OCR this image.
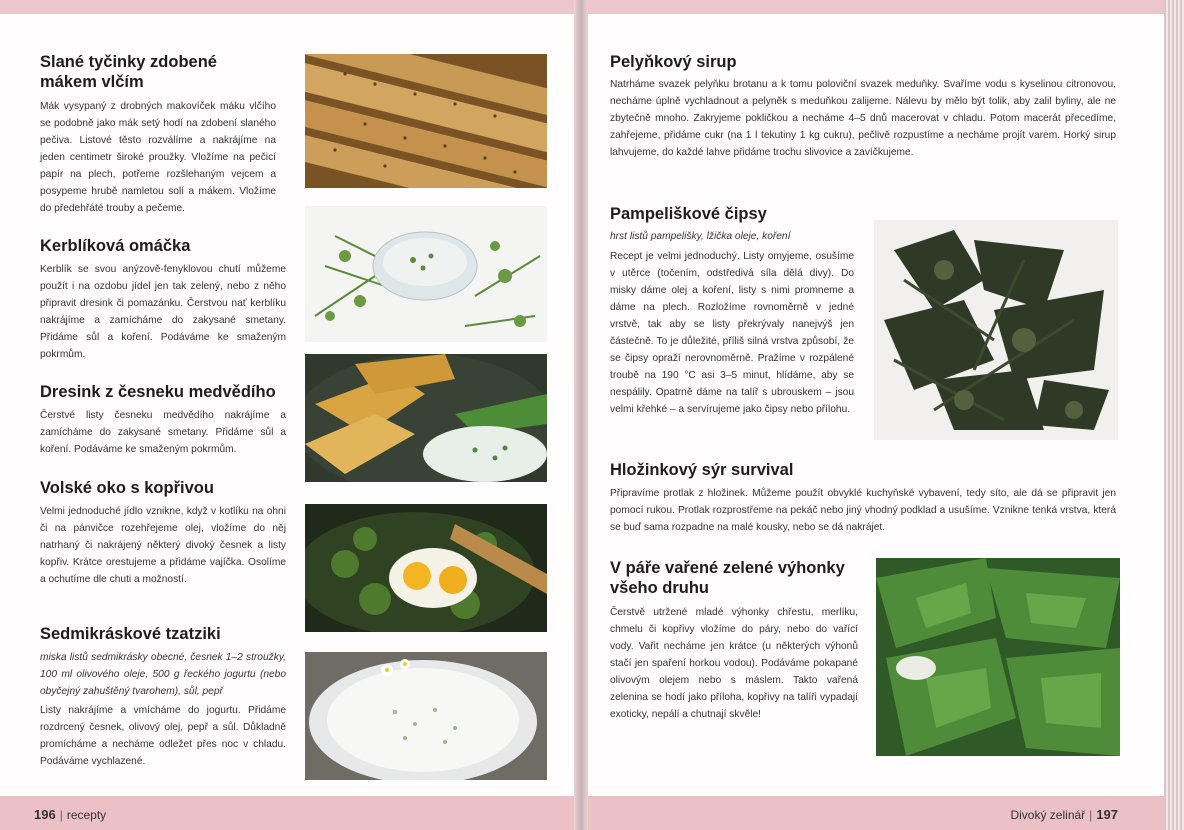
Slané tyčinky zdobené
mákem vlčím

Mák vysypaný z drobných makovíček máku vlčího se podobně jako mák setý hodí na zdobení slaného pečiva. Listové těsto rozválíme a nakrájíme na jeden centimetr široké proužky. Vložíme na pečicí papír na plech, potřeme rozšlehaným vejcem a posypeme hrubě namletou solí a mákem. Vložíme do předehřáté trouby a pečeme.

Kerblíková omáčka

Kerblík se svou anýzově-fenyklovou chutí můžeme použít i na ozdobu jídel jen tak zelený, nebo z něho připravit dresink či pomazánku. Čerstvou nať kerblíku nakrájíme a zamícháme do zakysané smetany. Přidáme sůl a koření. Podáváme ke smaženým pokrmům.

Dresink z česneku medvědího

Čerstvé listy česneku medvědího nakrájíme a zamícháme do zakysané smetany. Přidáme sůl a koření. Podáváme ke smaženým pokrmům.

Volské oko s kopřivou

Velmi jednoduché jídlo vznikne, když v kotlíku na ohni či na pánvičce rozehřejeme olej, vložíme do něj natrhaný či nakrájený některý divoký česnek a listy kopřiv. Krátce orestujeme a přidáme vajíčka. Osolíme a ochutíme dle chuti a možností.

Sedmikráskové tzatziki

miska listů sedmikrásky obecné, česnek 1–2 stroužky, 100 ml olivového oleje, 500 g řeckého jogurtu (nebo obyčejný zahuštěný tvarohem), sůl, pepř

Listy nakrájíme a vmícháme do jogurtu. Přidáme rozdrcený česnek, olivový olej, pepř a sůl. Důkladně promícháme a necháme odležet přes noc v chladu. Podáváme vychlazené.

Pelyňkový sirup

Natrháme svazek pelyňku brotanu a k tomu poloviční svazek meduňky. Svaříme vodu s kyselinou citronovou, necháme úplně vychladnout a pelyněk s meduňkou zalijeme. Nálevu by mělo být tolik, aby zalil byliny, ale ne zbytečně mnoho. Zakryjeme pokličkou a necháme 4–5 dnů macerovat v chladu. Potom macerát přecedíme, zahřejeme, přidáme cukr (na 1 l tekutiny 1 kg cukru), pečlivě rozpustíme a necháme projít varem. Horký sirup lahvujeme, do každé lahve přidáme trochu slivovice a zavíčkujeme.

Pampeliškové čipsy

hrst listů pampelišky, lžička oleje, koření

Recept je velmi jednoduchý. Listy omyjeme, osušíme v utěrce (točením, odstředivá síla dělá divy). Do misky dáme olej a koření, listy s nimi promneme a dáme na plech. Rozložíme rovnoměrně v jedné vrstvě, tak aby se listy překrývaly nanejvýš jen částečně. To je důležité, příliš silná vrstva způsobí, že se čipsy opraží nerovnoměrně. Pražíme v rozpálené troubě na 190 °C asi 3–5 minut, hlídáme, aby se nespálily. Opatrně dáme na talíř s ubrouskem – jsou velmi křehké – a servírujeme jako čipsy nebo přílohu.

Hložinkový sýr survival

Připravíme protlak z hložinek. Můžeme použít obvyklé kuchyňské vybavení, tedy síto, ale dá se připravit jen pomocí rukou. Protlak rozprostřeme na pekáč nebo jiný vhodný podklad a usušíme. Vznikne tenká vrstva, která se buď sama rozpadne na malé kousky, nebo se dá nakrájet.

V páře vařené zelené výhonky
všeho druhu

Čerstvě utržené mladé výhonky chřestu, merlíku, chmelu či kopřivy vložíme do páry, nebo do vařící vody. Vařit necháme jen krátce (u některých výhonů stačí jen spaření horkou vodou). Podáváme pokapané olivovým olejem nebo s máslem. Takto vařená zelenina se hodí jako příloha, kopřivy na talíři vypadají exoticky, nepálí a chutnají skvěle!

196 | recepty	Divoký zelinář | 197
